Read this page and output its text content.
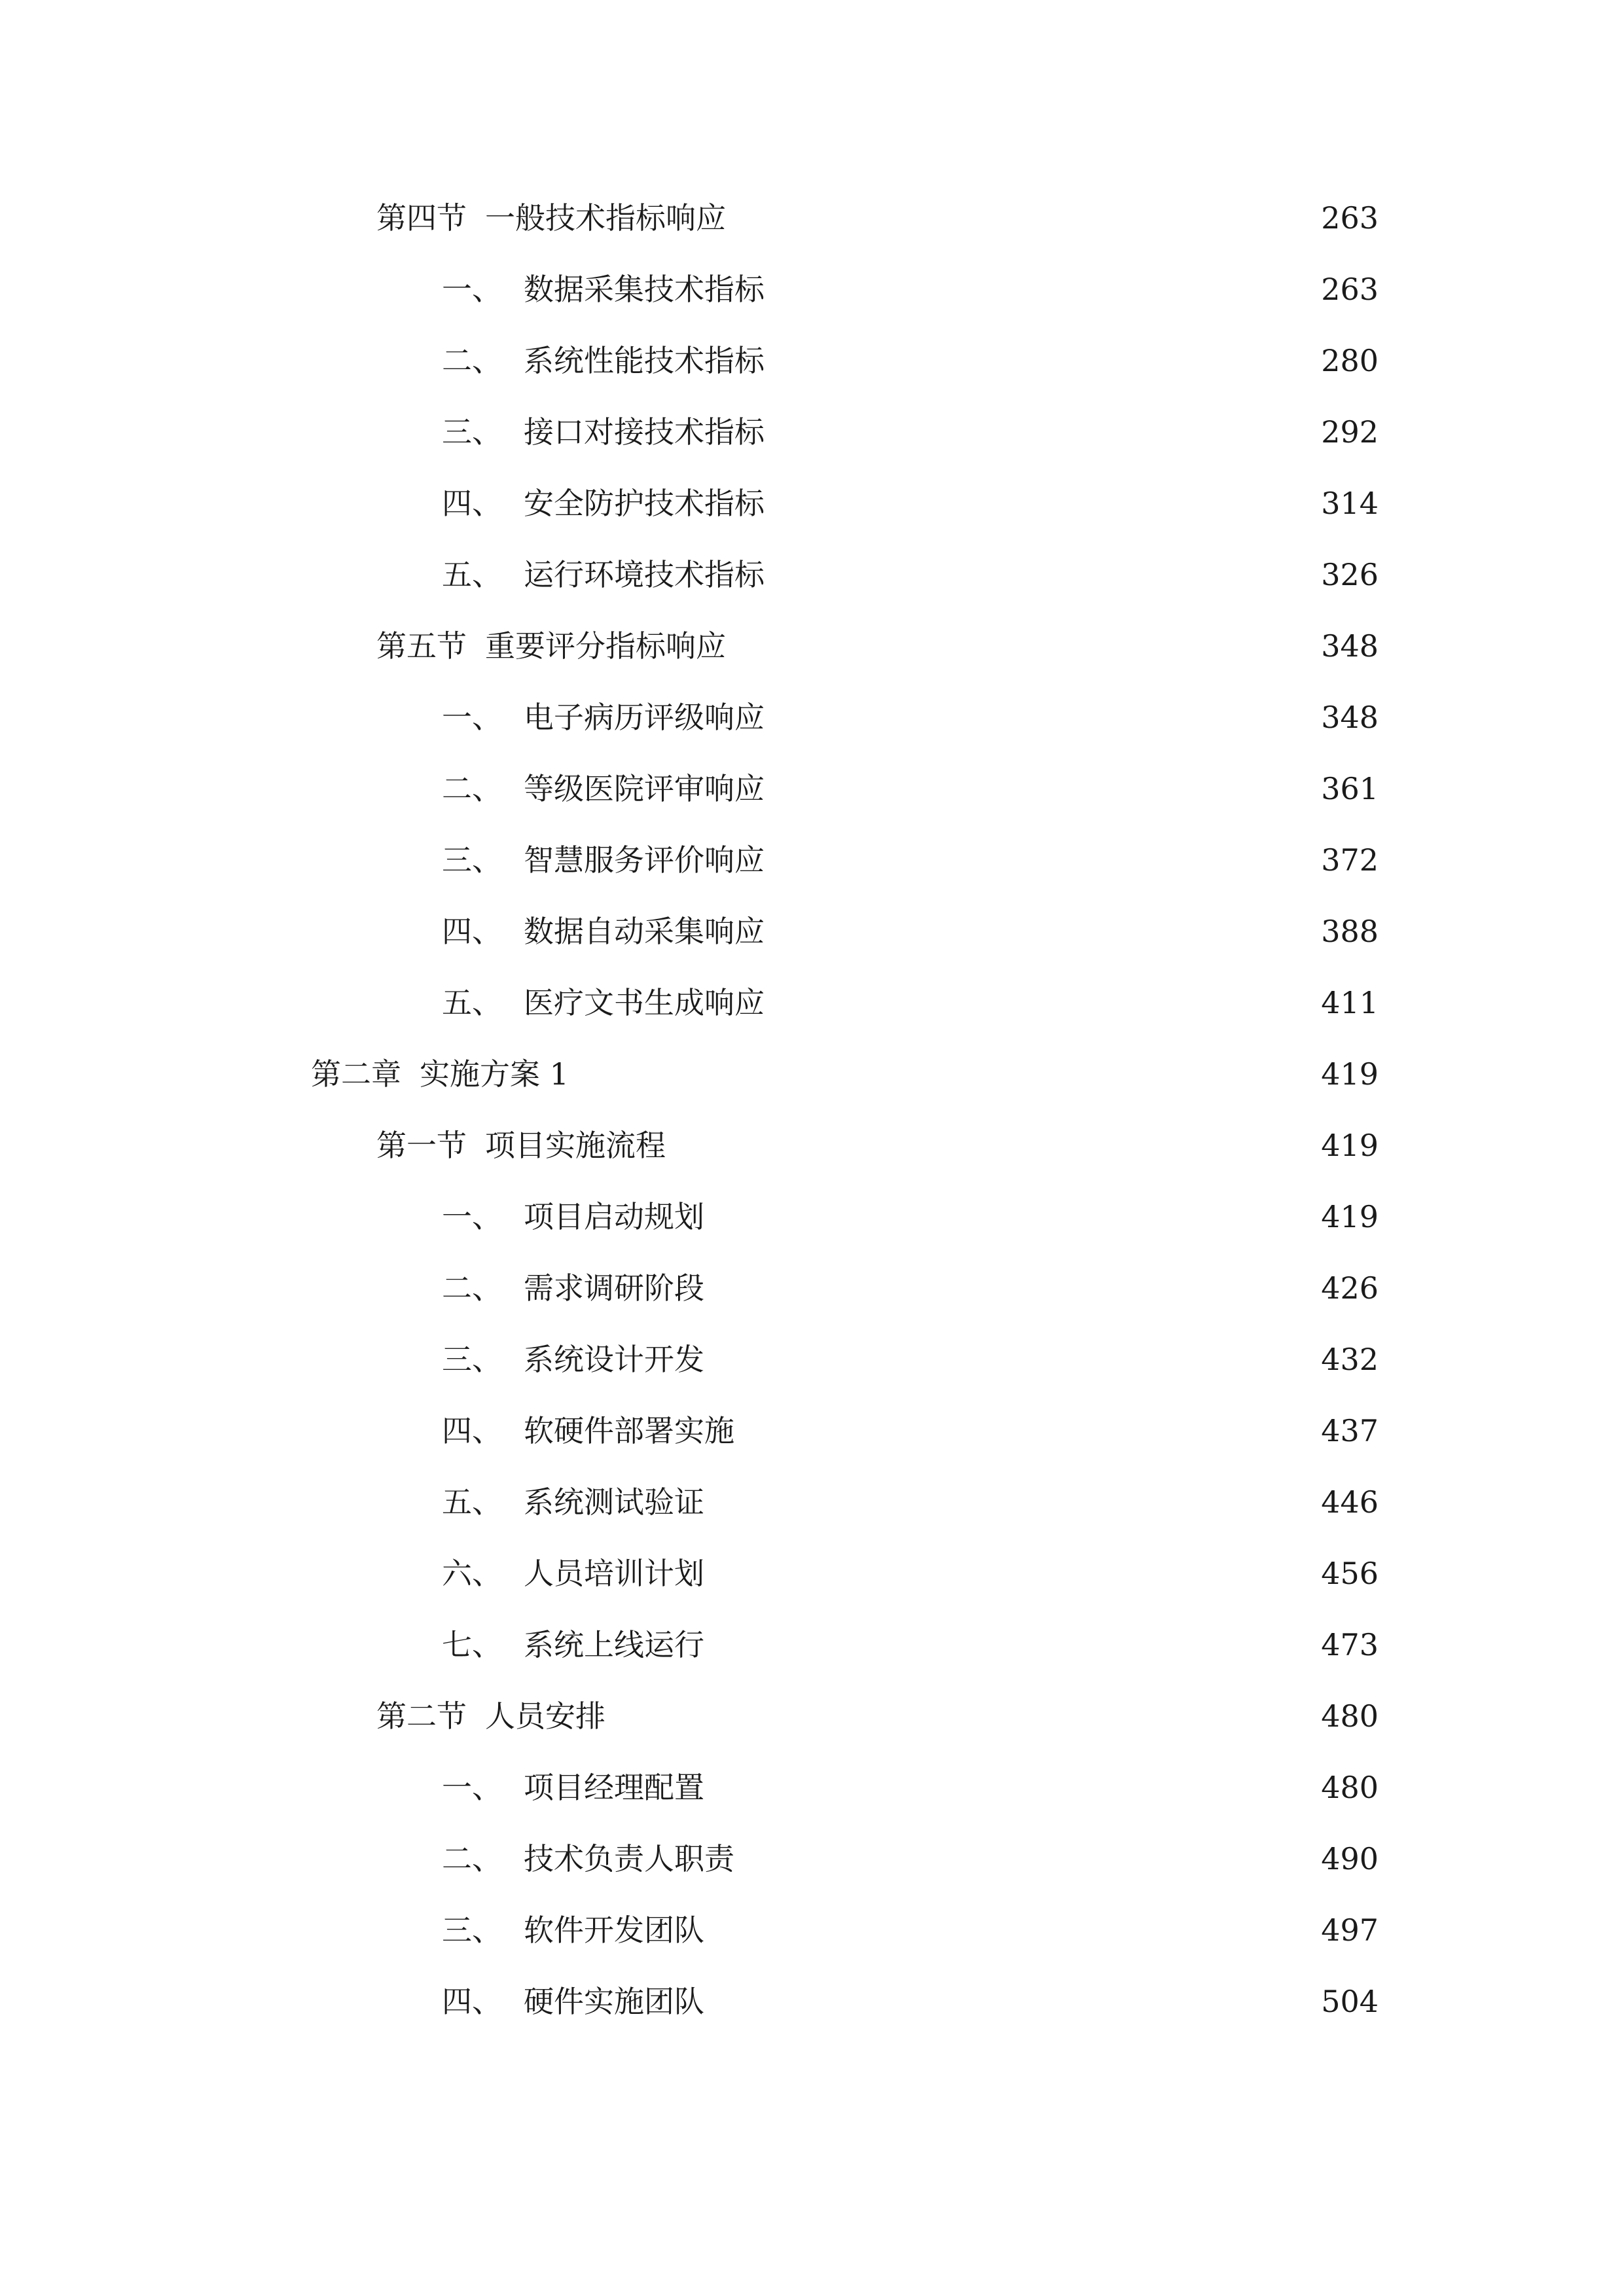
第四节 一般技术指标响应	263
一、 数据采集技术指标	263
二、 系统性能技术指标	280
三、 接口对接技术指标	292
四、 安全防护技术指标	314
五、 运行环境技术指标	326
第五节 重要评分指标响应	348
一、 电子病历评级响应	348
二、 等级医院评审响应	361
三、 智慧服务评价响应	372
四、 数据自动采集响应	388
五、 医疗文书生成响应	411
第二章 实施方案 1	419
第一节 项目实施流程	419
一、 项目启动规划	419
二、 需求调研阶段	426
三、 系统设计开发	432
四、 软硬件部署实施	437
五、 系统测试验证	446
六、 人员培训计划	456
七、 系统上线运行	473
第二节 人员安排	480
一、 项目经理配置	480
二、 技术负责人职责	490
三、 软件开发团队	497
四、 硬件实施团队	504
